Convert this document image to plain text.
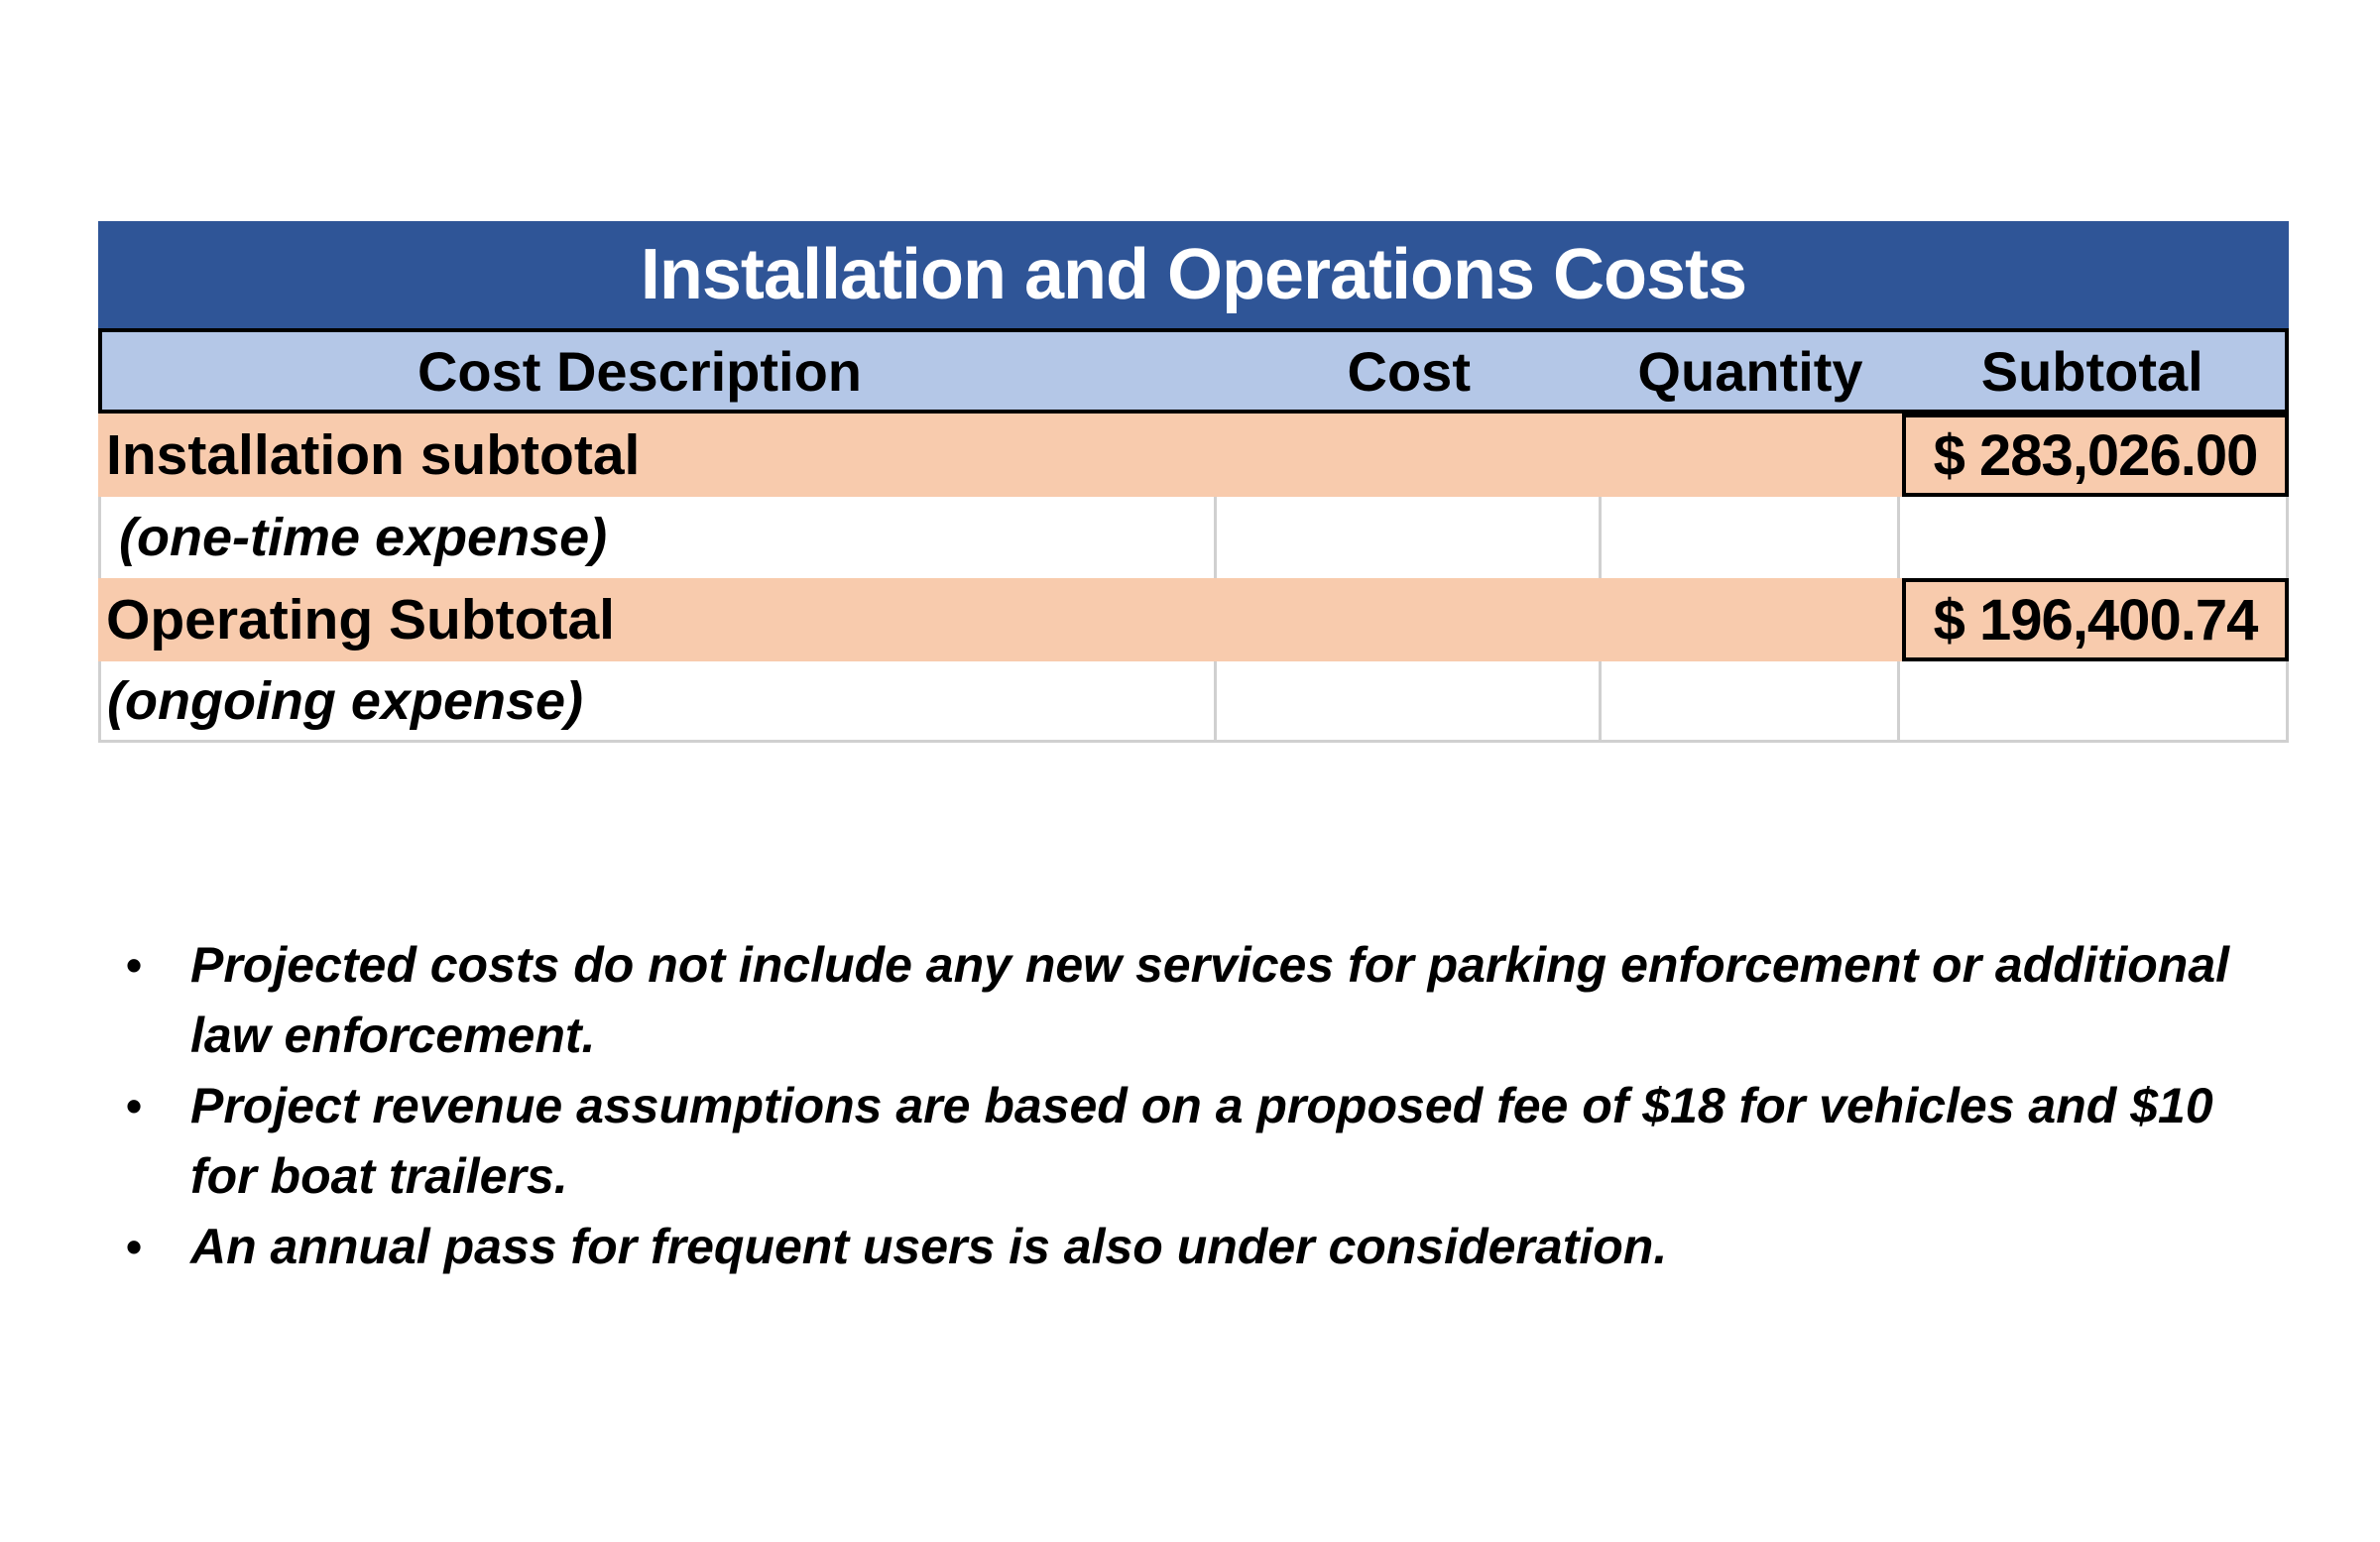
Installation and Operations Costs
Cost Description	Cost	Quantity	Subtotal
Installation subtotal	$ 283,026.00
(one-time expense)
Operating Subtotal	$ 196,400.74
(ongoing expense)
• Projected costs do not include any new services for parking enforcement or additional law enforcement.
• Project revenue assumptions are based on a proposed fee of $18 for vehicles and $10 for boat trailers.
• An annual pass for frequent users is also under consideration.
